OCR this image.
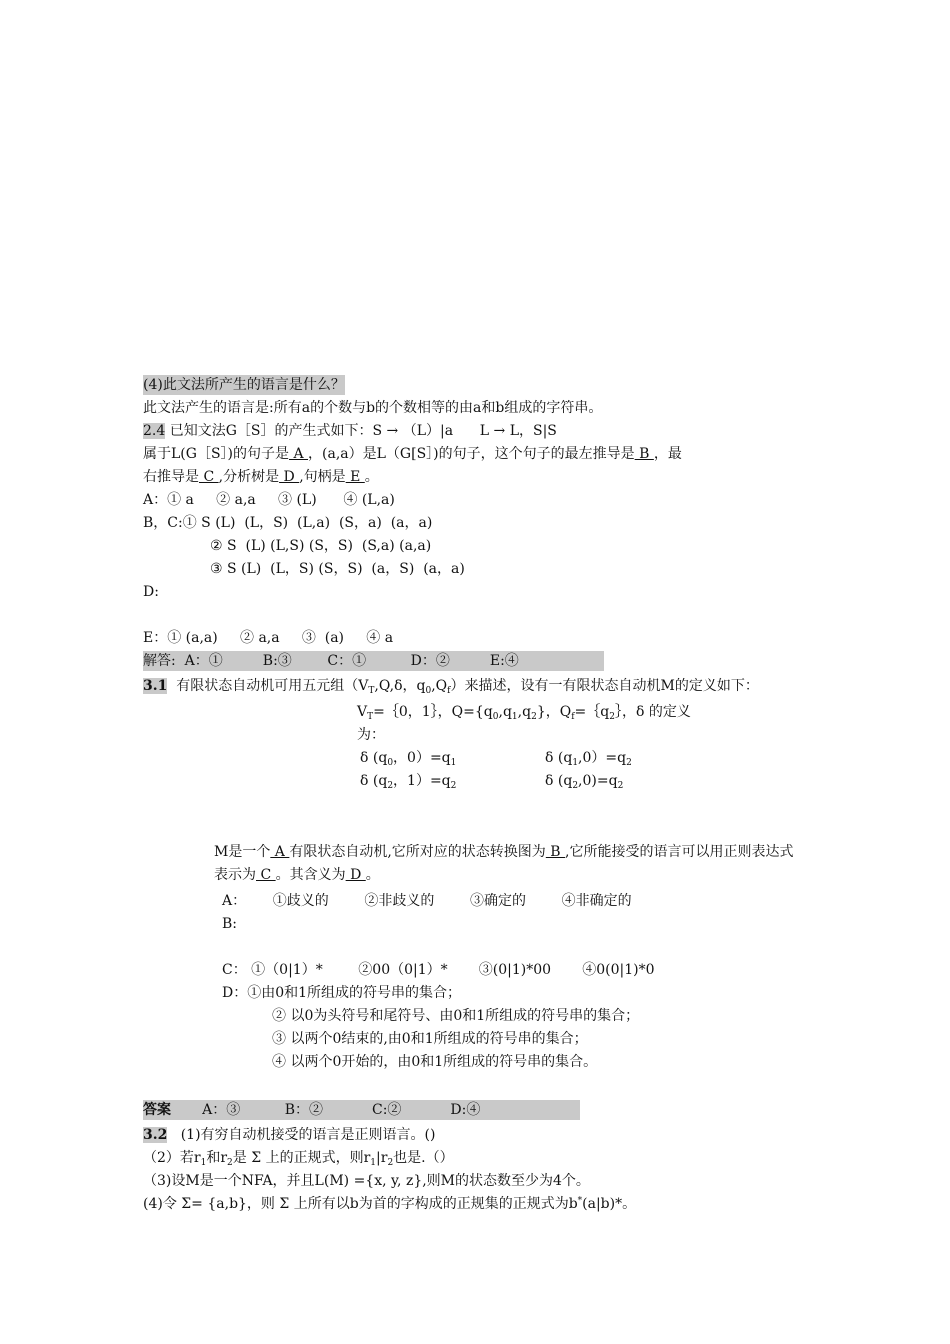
(4)此文法所产生的语言是什么？
此文法产生的语言是:所有a的个数与b的个数相等的由a和b组成的字符串。
2.4 已知文法G［S］的产生式如下：S → （L）|a      L → L，S|S
属于L(G［S］)的句子是 A ，(a,a）是L（G[S］)的句子，这个句子的最左推导是 B ，最
右推导是 C ,分析树是 D ,句柄是 E 。
A：① a     ② a,a     ③ (L)      ④ (L,a)
B，C:① S (L)  (L，S)  (L,a)  (S，a)  (a，a)
② S  (L) (L,S) (S，S)  (S,a) (a,a)
③ S (L)  (L，S) (S，S)  (a，S)  (a，a)
D:
E：① (a,a)     ② a,a     ③  (a)     ④ a
解答:  A：①         B:③        C：①          D：②         E:④
3.1  有限状态自动机可用五元组（$V_T,Q,\delta$，$q_0,Q_f$）来描述，设有一有限状态自动机M的定义如下：
$V_T=\{0$，1｝，$Q=\{q_0,q_1,q_2\}$，$Q_f=\{q_2\}$，δ 的定义
为：
δ ($q_0$，$0)=q_1$	δ $(q_1,0)=q_2$
δ ($q_2$，$1)=q_2$	δ $(q_2,0)=q_2$
M是一个 A 有限状态自动机,它所对应的状态转换图为 B ,它所能接受的语言可以用正则表达式
表示为 C 。其含义为 D 。
A：      ①歧义的        ②非歧义的        ③确定的        ④非确定的
B:
C： ①（0|1）*        ②00（0|1）*       ③(0|1)*00       ④0(0|1)*0
D：①由0和1所组成的符号串的集合；
② 以0为头符号和尾符号、由0和1所组成的符号串的集合；
③ 以两个0结束的,由0和1所组成的符号串的集合；
④ 以两个0开始的，由0和1所组成的符号串的集合。
答案       A：③          B：②           C:②           D:④
3.2   (1)有穷自动机接受的语言是正则语言。()
（2）若$r_1$和$r_2$是 Σ 上的正规式，则$r_1|r_2$也是.（）
（3)设M是一个NFA，并且L(M) ={x, y, z},则M的状态数至少为4个。
(4)令 Σ= {a,b}，则 Σ 上所有以b为首的字构成的正规集的正规式为b*(a|b)*。
